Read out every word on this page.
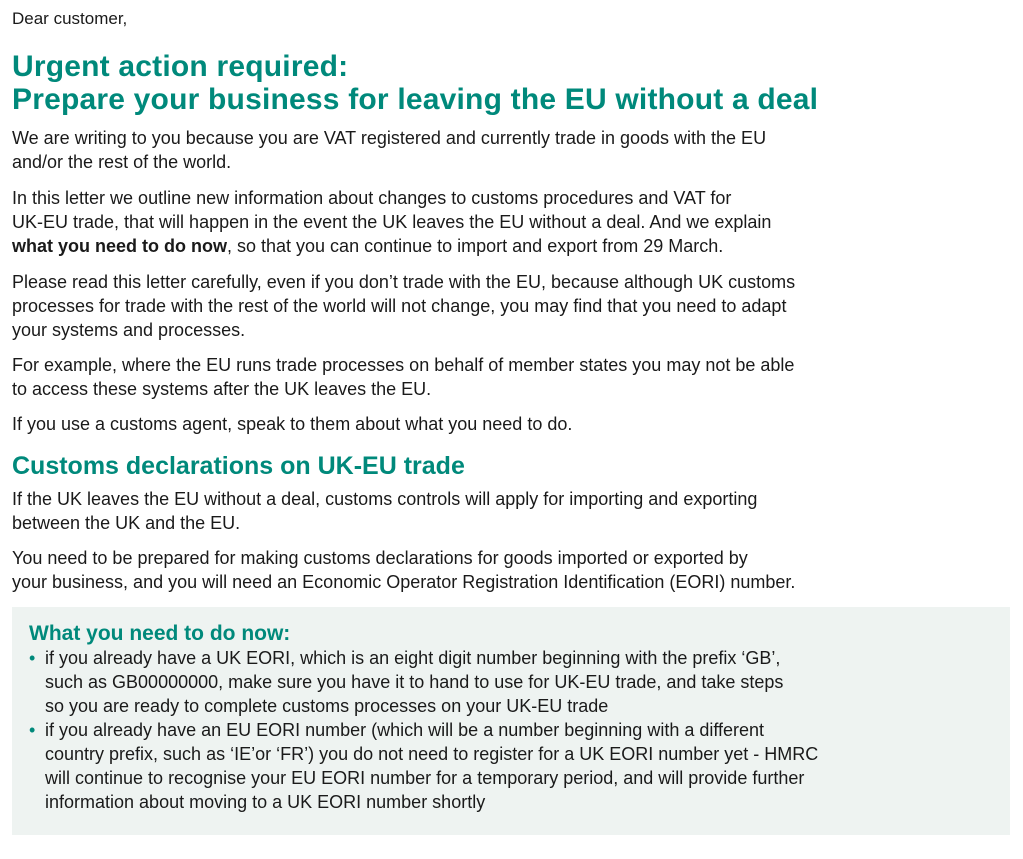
Dear customer,
Urgent action required:
Prepare your business for leaving the EU without a deal

We are writing to you because you are VAT registered and currently trade in goods with the EU
and/or the rest of the world.

In this letter we outline new information about changes to customs procedures and VAT for
UK-EU trade, that will happen in the event the UK leaves the EU without a deal. And we explain
what you need to do now, so that you can continue to import and export from 29 March.

Please read this letter carefully, even if you don’t trade with the EU, because although UK customs
processes for trade with the rest of the world will not change, you may find that you need to adapt
your systems and processes.

For example, where the EU runs trade processes on behalf of member states you may not be able
to access these systems after the UK leaves the EU.

If you use a customs agent, speak to them about what you need to do.

Customs declarations on UK-EU trade

If the UK leaves the EU without a deal, customs controls will apply for importing and exporting
between the UK and the EU.

You need to be prepared for making customs declarations for goods imported or exported by
your business, and you will need an Economic Operator Registration Identification (EORI) number.

What you need to do now:
• if you already have a UK EORI, which is an eight digit number beginning with the prefix ‘GB’,
such as GB00000000, make sure you have it to hand to use for UK-EU trade, and take steps
so you are ready to complete customs processes on your UK-EU trade
• if you already have an EU EORI number (which will be a number beginning with a different
country prefix, such as ‘IE’or ‘FR’) you do not need to register for a UK EORI number yet - HMRC
will continue to recognise your EU EORI number for a temporary period, and will provide further
information about moving to a UK EORI number shortly
